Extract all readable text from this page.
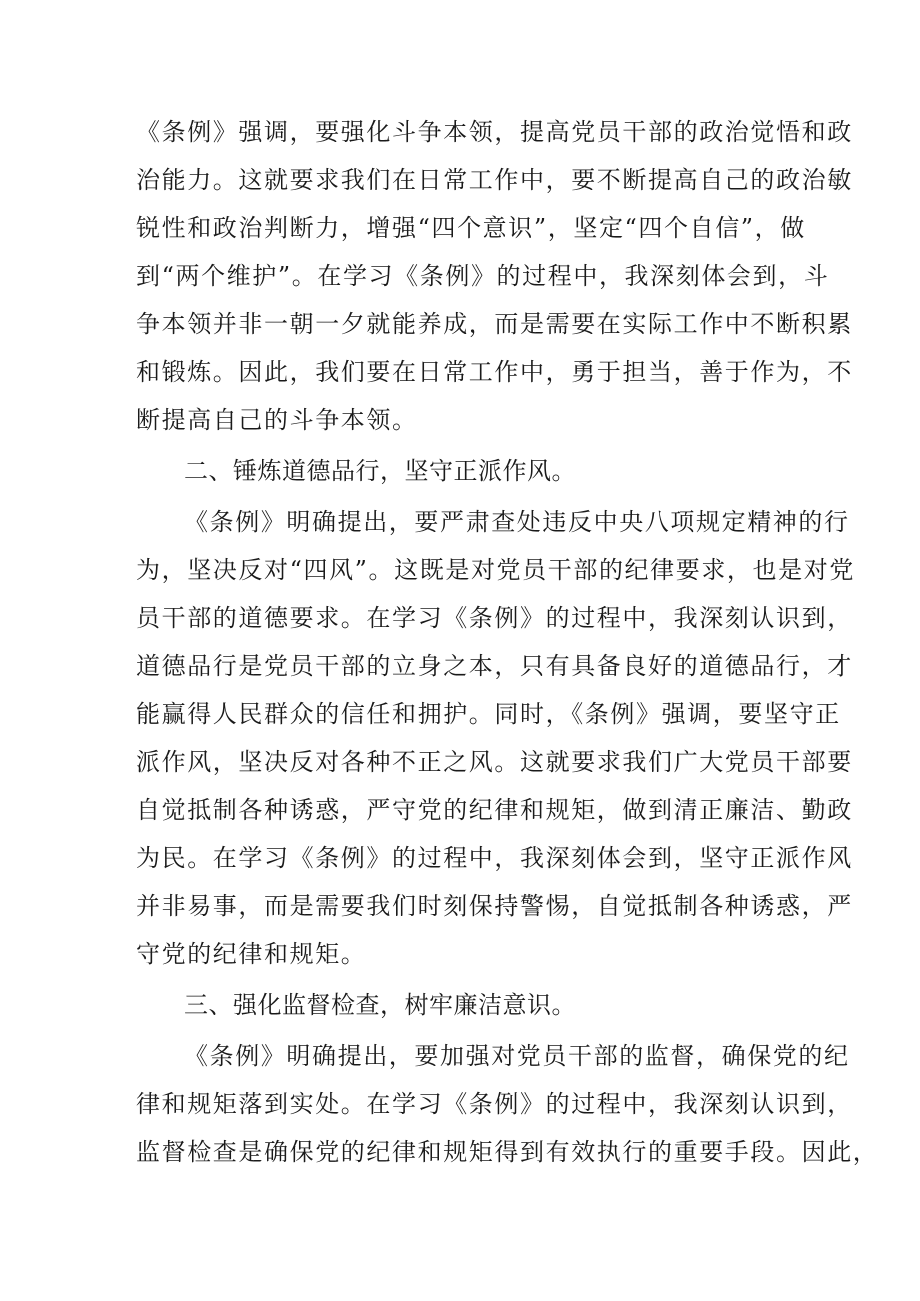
《条例》强调，要强化斗争本领，提高党员干部的政治觉悟和政
治能力。这就要求我们在日常工作中，要不断提高自己的政治敏
锐性和政治判断力，增强“四个意识”，坚定“四个自信”，做
到“两个维护”。在学习《条例》的过程中，我深刻体会到，斗
争本领并非一朝一夕就能养成，而是需要在实际工作中不断积累
和锻炼。因此，我们要在日常工作中，勇于担当，善于作为，不
断提高自己的斗争本领。
二、锤炼道德品行，坚守正派作风。
《条例》明确提出，要严肃查处违反中央八项规定精神的行
为，坚决反对“四风”。这既是对党员干部的纪律要求，也是对党
员干部的道德要求。在学习《条例》的过程中，我深刻认识到，
道德品行是党员干部的立身之本，只有具备良好的道德品行，才
能赢得人民群众的信任和拥护。同时，《条例》强调，要坚守正
派作风，坚决反对各种不正之风。这就要求我们广大党员干部要
自觉抵制各种诱惑，严守党的纪律和规矩，做到清正廉洁、勤政
为民。在学习《条例》的过程中，我深刻体会到，坚守正派作风
并非易事，而是需要我们时刻保持警惕，自觉抵制各种诱惑，严
守党的纪律和规矩。
三、强化监督检查，树牢廉洁意识。
《条例》明确提出，要加强对党员干部的监督，确保党的纪
律和规矩落到实处。在学习《条例》的过程中，我深刻认识到，
监督检查是确保党的纪律和规矩得到有效执行的重要手段。因此，
